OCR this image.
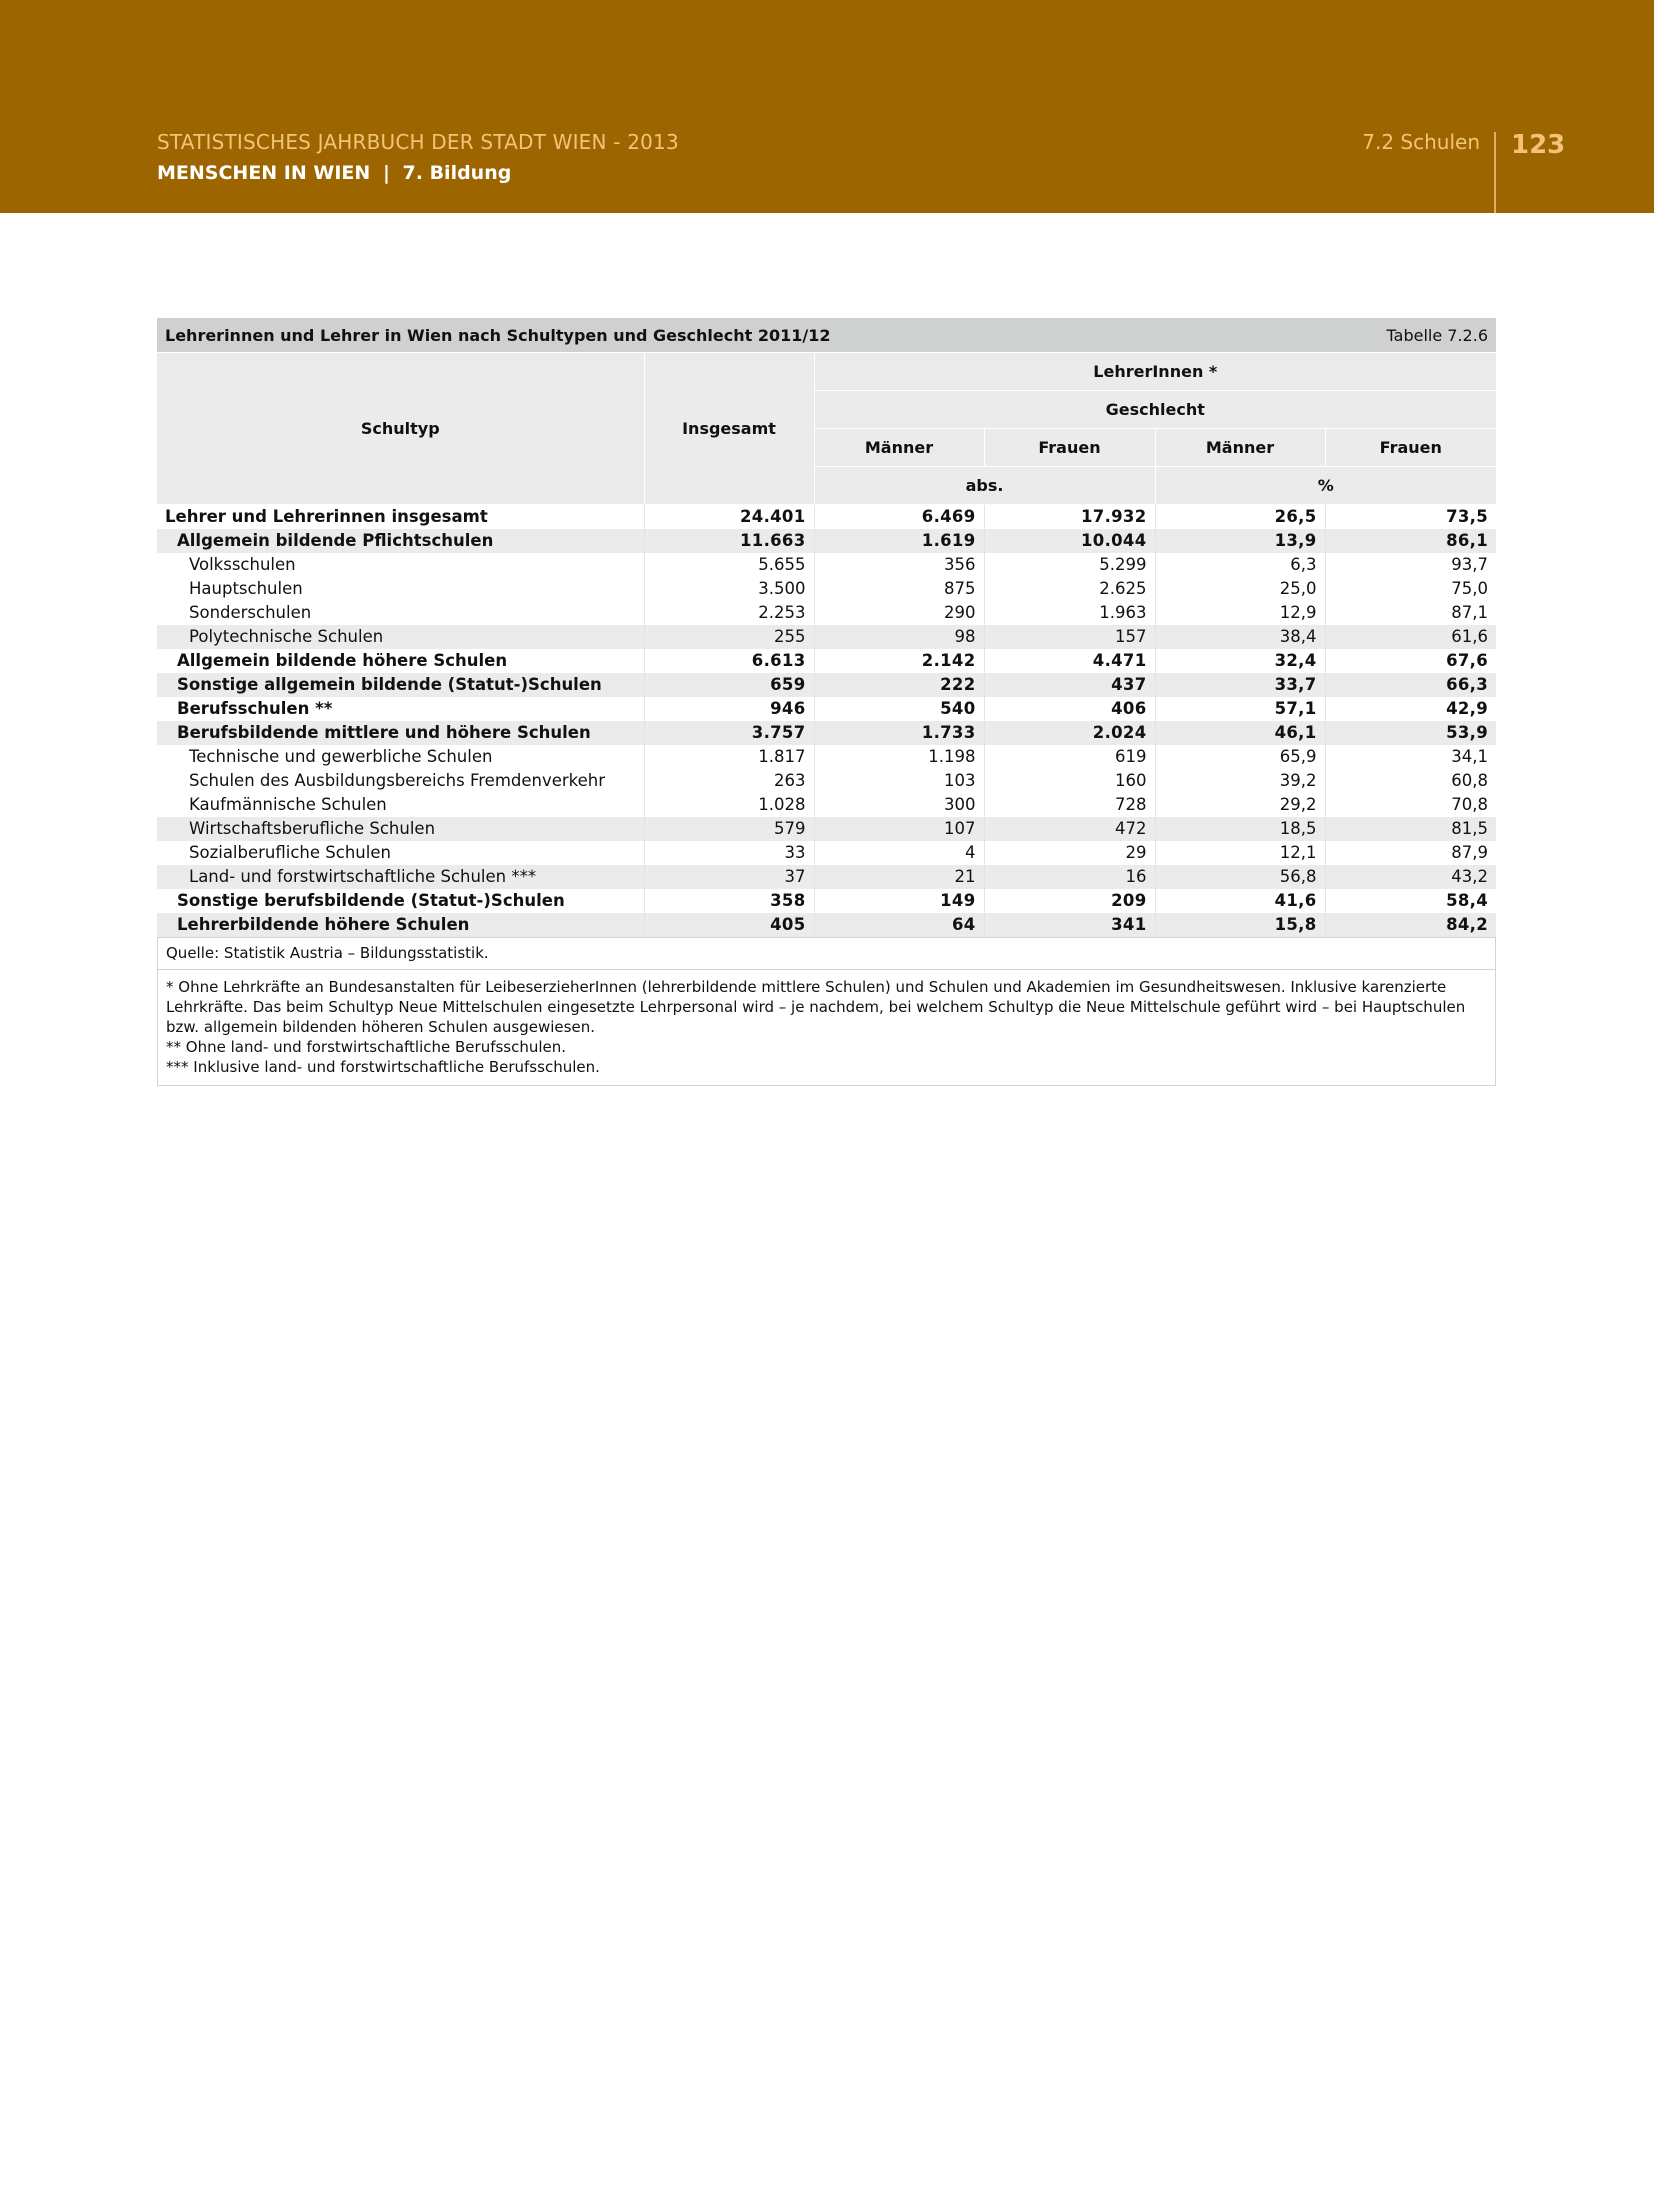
STATISTISCHES JAHRBUCH DER STADT WIEN - 2013
MENSCHEN IN WIEN | 7. Bildung
7.2 Schulen 123
Lehrerinnen und Lehrer in Wien nach Schultypen und Geschlecht 2011/12	Tabelle 7.2.6
Schultyp	Insgesamt	LehrerInnen *			
		Geschlecht			
		Männer	Frauen	Männer	Frauen
		abs.		%	
Lehrer und Lehrerinnen insgesamt	24.401	6.469	17.932	26,5	73,5
Allgemein bildende Pflichtschulen	11.663	1.619	10.044	13,9	86,1
Volksschulen	5.655	356	5.299	6,3	93,7
Hauptschulen	3.500	875	2.625	25,0	75,0
Sonderschulen	2.253	290	1.963	12,9	87,1
Polytechnische Schulen	255	98	157	38,4	61,6
Allgemein bildende höhere Schulen	6.613	2.142	4.471	32,4	67,6
Sonstige allgemein bildende (Statut-)Schulen	659	222	437	33,7	66,3
Berufsschulen **	946	540	406	57,1	42,9
Berufsbildende mittlere und höhere Schulen	3.757	1.733	2.024	46,1	53,9
Technische und gewerbliche Schulen	1.817	1.198	619	65,9	34,1
Schulen des Ausbildungsbereichs Fremdenverkehr	263	103	160	39,2	60,8
Kaufmännische Schulen	1.028	300	728	29,2	70,8
Wirtschaftsberufliche Schulen	579	107	472	18,5	81,5
Sozialberufliche Schulen	33	4	29	12,1	87,9
Land- und forstwirtschaftliche Schulen ***	37	21	16	56,8	43,2
Sonstige berufsbildende (Statut-)Schulen	358	149	209	41,6	58,4
Lehrerbildende höhere Schulen	405	64	341	15,8	84,2
Quelle: Statistik Austria – Bildungsstatistik.
* Ohne Lehrkräfte an Bundesanstalten für LeibeserzieherInnen (lehrerbildende mittlere Schulen) und Schulen und Akademien im Gesundheitswesen. Inklusive karenzierte Lehrkräfte. Das beim Schultyp Neue Mittelschulen eingesetzte Lehrpersonal wird – je nachdem, bei welchem Schultyp die Neue Mittelschule geführt wird – bei Hauptschulen bzw. allgemein bildenden höheren Schulen ausgewiesen.
** Ohne land- und forstwirtschaftliche Berufsschulen.
*** Inklusive land- und forstwirtschaftliche Berufsschulen.
